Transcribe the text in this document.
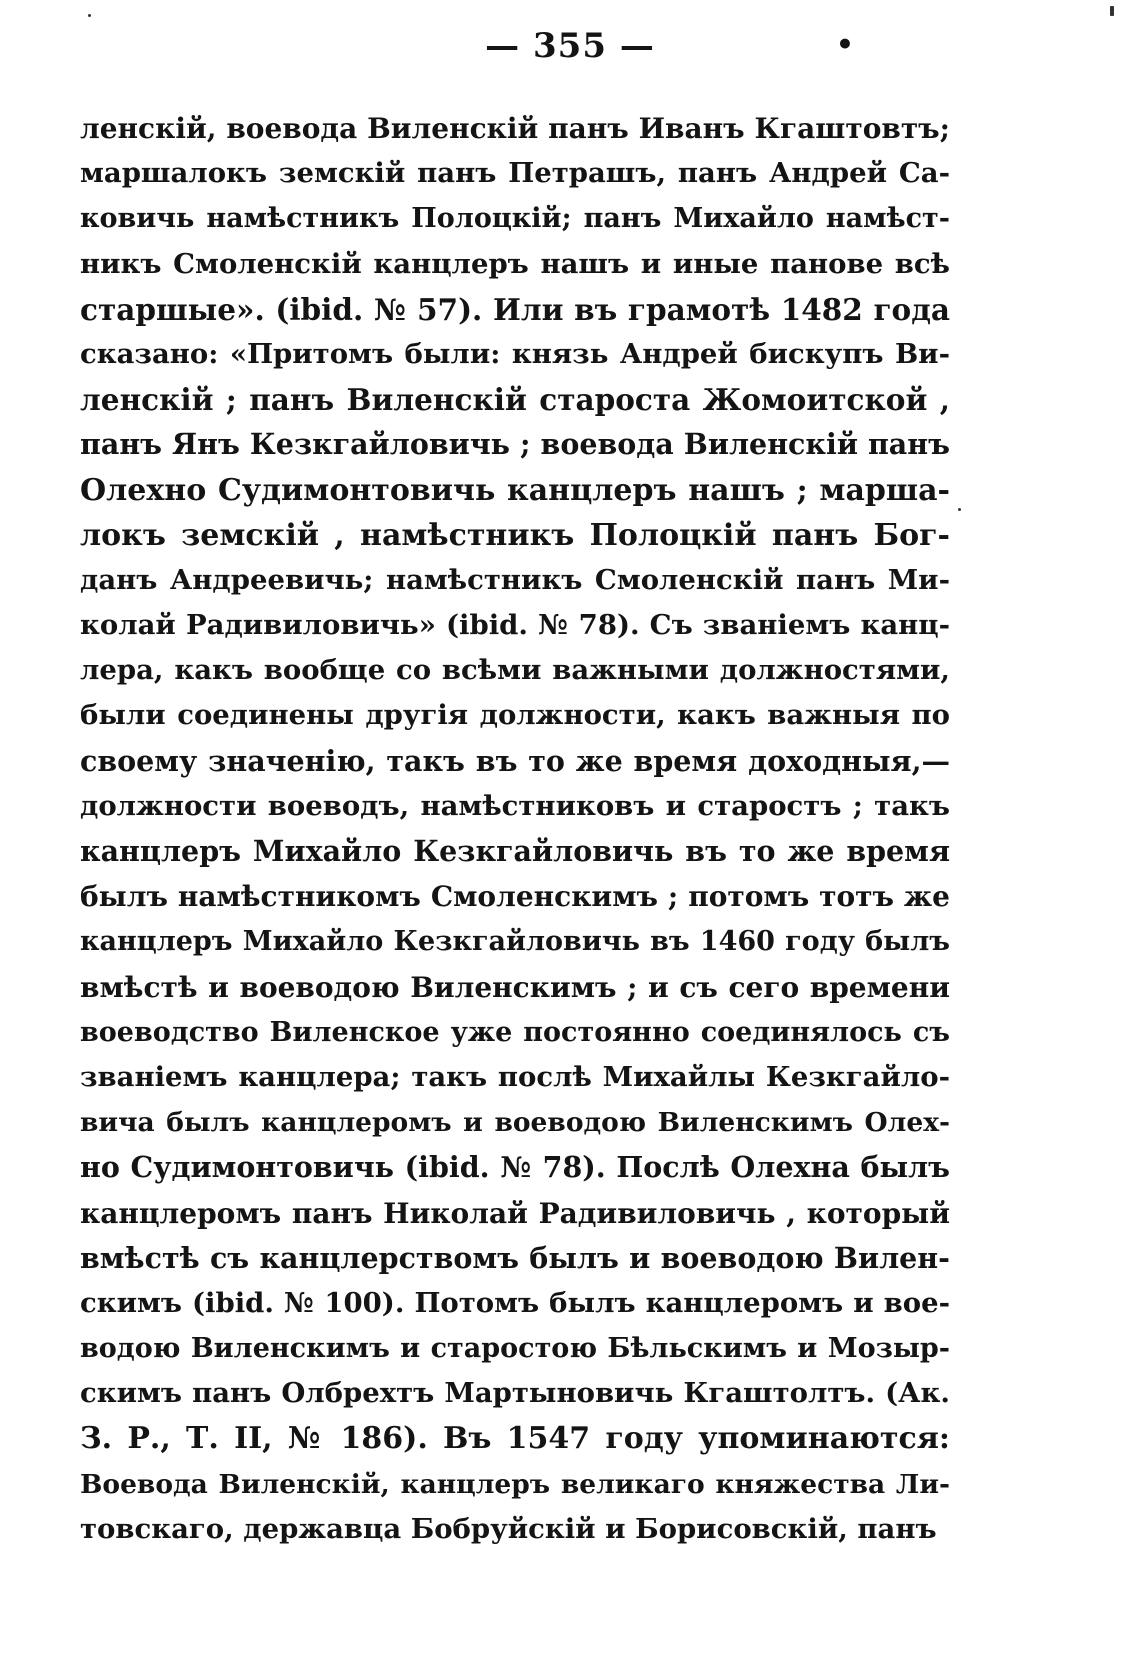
— 355 —	•
ленскій, воевода Виленскій панъ Иванъ Кгаштовтъ;
маршалокъ земскій панъ Петрашъ, панъ Андрей Са-
ковичь намѣстникъ Полоцкій; панъ Михайло намѣст-
никъ Смоленскій канцлеръ нашъ и иные панове всѣ
старшые». (ibid. № 57). Или въ грамотѣ 1482 года
сказано: «Притомъ были: князь Андрей бискупъ Ви-
ленскій ; панъ Виленскій староста Жомоитской ,
панъ Янъ Кезкгайловичь ; воевода Виленскій панъ
Олехно Судимонтовичь канцлеръ нашъ ; марша-
локъ земскій , намѣстникъ Полоцкій панъ Бог-
данъ Андреевичь; намѣстникъ Смоленскій панъ Ми-
колай Радивиловичь» (ibid. № 78). Съ званіемъ канц-
лера, какъ вообще со всѣми важными должностями,
были соединены другія должности, какъ важныя по
своему значенію, такъ въ то же время доходныя,—
должности воеводъ, намѣстниковъ и старостъ ; такъ
канцлеръ Михайло Кезкгайловичь въ то же время
былъ намѣстникомъ Смоленскимъ ; потомъ тотъ же
канцлеръ Михайло Кезкгайловичь въ 1460 году былъ
вмѣстѣ и воеводою Виленскимъ ; и съ сего времени
воеводство Виленское уже постоянно соединялось съ
званіемъ канцлера; такъ послѣ Михайлы Кезкгайло-
вича былъ канцлеромъ и воеводою Виленскимъ Олех-
но Судимонтовичь (ibid. № 78). Послѣ Олехна былъ
канцлеромъ панъ Николай Радивиловичь , который
вмѣстѣ съ канцлерствомъ былъ и воеводою Вилен-
скимъ (ibid. № 100). Потомъ былъ канцлеромъ и вое-
водою Виленскимъ и старостою Бѣльскимъ и Мозыр-
скимъ панъ Олбрехтъ Мартыновичь Кгаштолтъ. (Ак.
З. Р., Т. II, № 186). Въ 1547 году упоминаются:
Воевода Виленскій, канцлеръ великаго княжества Ли-
товскаго, державца Бобруйскій и Борисовскій, панъ
